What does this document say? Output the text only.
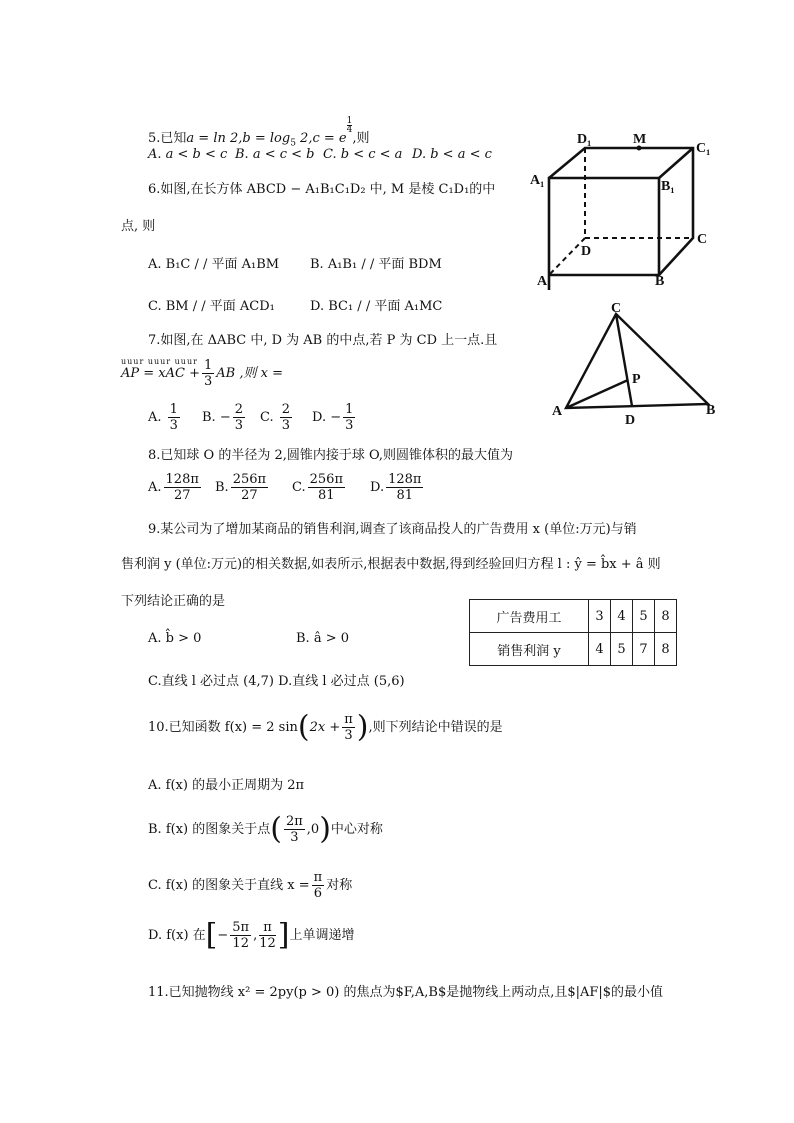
5.已知$a = \ln 2,b = \log_5 2,c = e$
$^{\frac{1}{4}}$
,则
A. a < b < c B. a < c < b C. b < c < a D. b < a < c
6.如图,在长方体 ABCD − A₁B₁C₁D₂ 中, M 是棱 C₁D₁的中
点, 则
A. B₁C / / 平面 A₁BM B. A₁B₁ / / 平面 BDM
C. BM / / 平面 ACD₁	D. BC₁ / / 平面 A₁MC
D₁	M
C₁
A₁	B₁
D
C
A	B
7.如图,在 ΔABC 中, D 为 AB 的中点,若 P 为 CD 上一点.且
uuur uuur uuur
AP = xAC + $\frac{1}{3}$ AB ,则 x =
A. $\frac{1}{3} B$. − $\frac{2}{3} C$. $\frac{2}{3} D$. − $\frac{1}{3}$
C
P
A
D
B
8.已知球 O 的半径为 2,圆锥内接于球 O,则圆锥体积的最大值为
A. $\frac{128\pi}{27} B$. $\frac{256\pi}{27} C$. $\frac{256\pi}{81} D$. $\frac{128\pi}{81}$
9.某公司为了增加某商品的销售利润,调查了该商品投人的广告费用 x (单位:万元)与销
售利润 y (单位:万元)的相关数据,如表所示,根据表中数据,得到经验回归方程 l : ŷ = b̂x + â 则
下列结论正确的是
A. b̂ > 0	B. â > 0
C.直线 l 必过点 (4,7) D.直线 l 必过点 (5,6)
广告费用工	3	4	5	8
销售利润 y	4	5	7	8
10.已知函数 f(x) = 2 $\sin(2x + \frac{\pi}{3}$ ),则下列结论中错误的是
A. f(x) 的最小正周期为 2π
B. f(x) 的图象关于点( $\frac{2\pi}{3} ,0$)中心对称
C. f(x) 的图象关于直线 $x = \frac{\pi}{6}$ 对称
D. f(x) 在[− $\frac{5\pi}{12}$ , $\frac{\pi}{12}$ ]上单调递增
11.已知抛物线 x² = 2py(p > 0) 的焦点为$F,A,B$是抛物线上两动点,且$|AF|$的最小值
